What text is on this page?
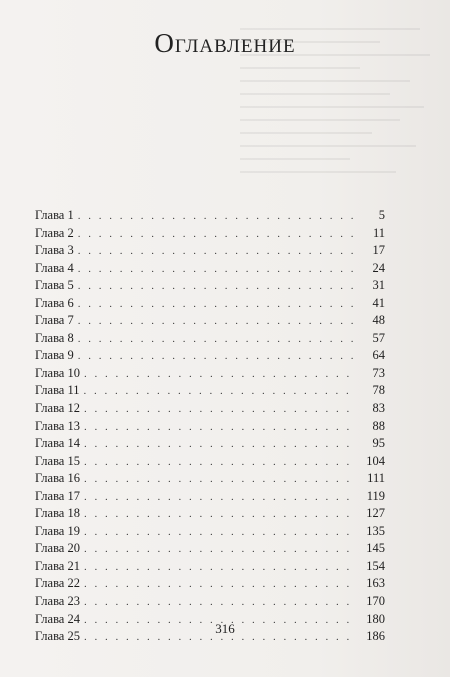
Оглавление
Глава 1 . . .	5
Глава 2 . . .	11
Глава 3 . . .	17
Глава 4 . . .	24
Глава 5 . . .	31
Глава 6 . . .	41
Глава 7 . . .	48
Глава 8 . . .	57
Глава 9 . . .	64
Глава 10 . . .	73
Глава 11 . . .	78
Глава 12 . . .	83
Глава 13 . . .	88
Глава 14 . . .	95
Глава 15 . . .	104
Глава 16 . . .	111
Глава 17 . . .	119
Глава 18 . . .	127
Глава 19 . . .	135
Глава 20 . . .	145
Глава 21 . . .	154
Глава 22 . . .	163
Глава 23 . . .	170
Глава 24 . . .	180
Глава 25 . . .	186
316
